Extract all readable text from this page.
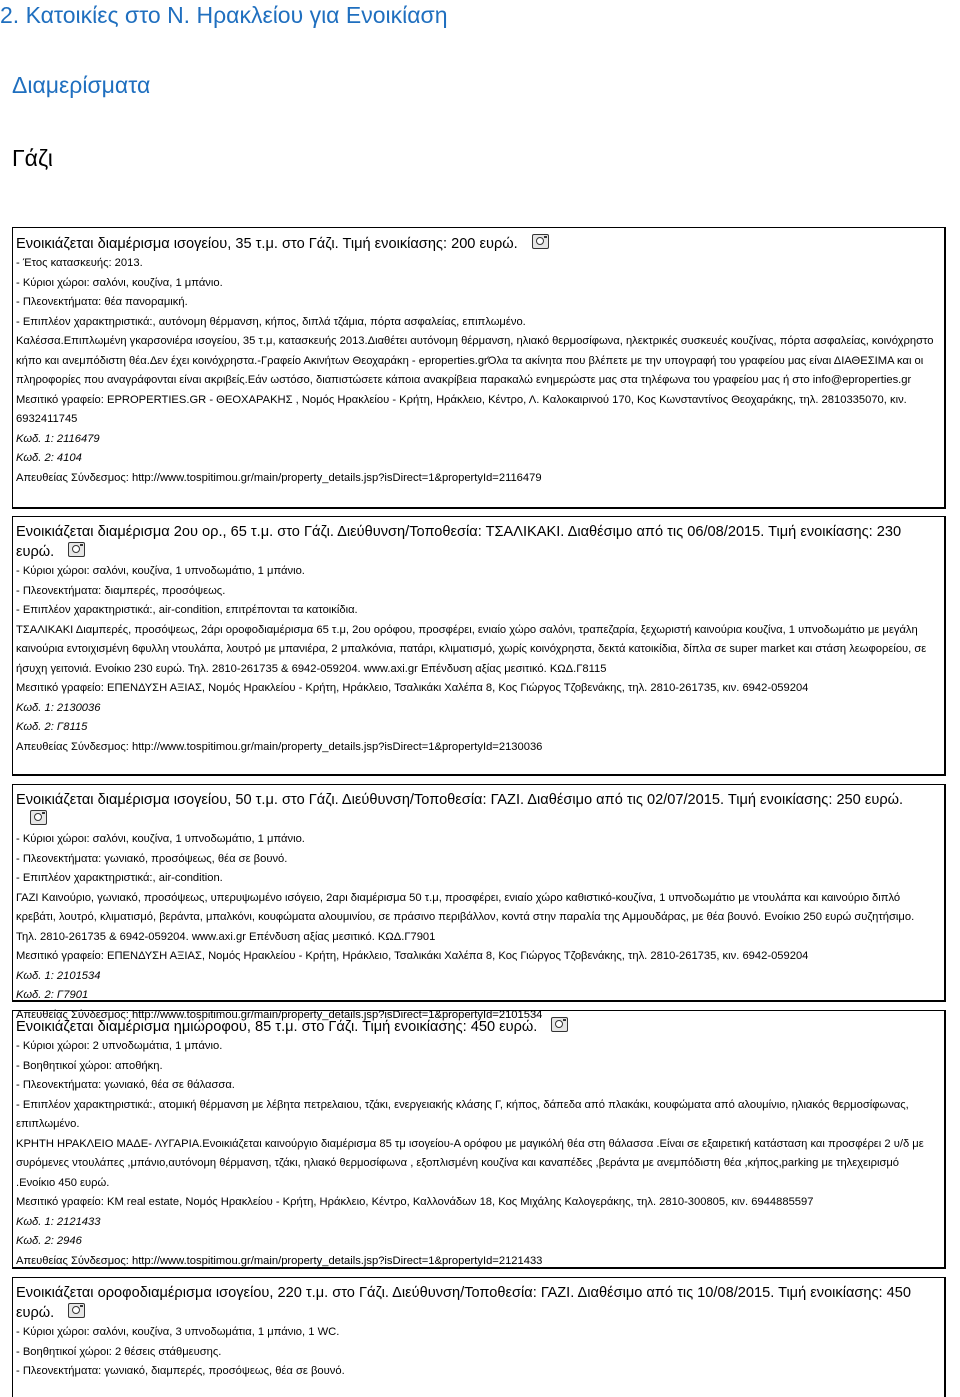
2. Κατοικίες στο Ν. Ηρακλείου για Ενοικίαση
Διαμερίσματα
Γάζι

Ενοικιάζεται διαμέρισμα ισογείου, 35 τ.μ. στο Γάζι. Τιμή ενοικίασης: 200 ευρώ.

- Έτος κατασκευής: 2013.

- Κύριοι χώροι: σαλόνι, κουζίνα, 1 μπάνιο.

- Πλεονεκτήματα: θέα πανοραμική.

- Επιπλέον χαρακτηριστικά:, αυτόνομη θέρμανση, κήπος, διπλά τζάμια, πόρτα ασφαλείας, επιπλωμένο.

Καλέσσα.Επιπλωμένη γκαρσονιέρα ισογείου, 35 τ.μ, κατασκευής 2013.Διαθέτει αυτόνομη θέρμανση, ηλιακό θερμοσίφωνα, ηλεκτρικές συσκευές κουζίνας, πόρτα ασφαλείας, κοινόχρηστο κήπο και ανεμπόδιστη θέα.Δεν έχει κοινόχρηστα.-Γραφείο Ακινήτων Θεοχαράκη - eproperties.grΌλα τα ακίνητα που βλέπετε με την υπογραφή του γραφείου μας είναι ΔΙΑΘΕΣΙΜΑ και οι πληροφορίες που αναγράφονται είναι ακριβείς.Εάν ωστόσο, διαπιστώσετε κάποια ανακρίβεια παρακαλώ ενημερώστε μας στα τηλέφωνα του γραφείου μας ή στο info@eproperties.gr

Μεσιτικό γραφείο: EPROPERTIES.GR - ΘΕΟΧΑΡΑΚΗΣ , Νομός Ηρακλείου - Κρήτη, Ηράκλειο, Κέντρο, Λ. Καλοκαιρινού 170, Κος Κωνσταντίνος Θεοχαράκης, τηλ. 2810335070, κιν. 6932411745

Κωδ. 1: 2116479

Κωδ. 2: 4104

Απευθείας Σύνδεσμος: http://www.tospitimou.gr/main/property_details.jsp?isDirect=1&propertyId=2116479

Ενοικιάζεται διαμέρισμα 2ου ορ., 65 τ.μ. στο Γάζι. Διεύθυνση/Τοποθεσία: ΤΣΑΛΙΚΑΚΙ. Διαθέσιμο από τις 06/08/2015. Τιμή ενοικίασης: 230 ευρώ.

- Κύριοι χώροι: σαλόνι, κουζίνα, 1 υπνοδωμάτιο, 1 μπάνιο.

- Πλεονεκτήματα: διαμπερές, προσόψεως.

- Επιπλέον χαρακτηριστικά:, air-condition, επιτρέπονται τα κατοικίδια.

ΤΣΑΛΙΚΑΚΙ Διαμπερές, προσόψεως, 2άρι οροφοδιαμέρισμα 65 τ.μ, 2ου ορόφου, προσφέρει, ενιαίο χώρο σαλόνι, τραπεζαρία, ξεχωριστή καινούρια κουζίνα, 1 υπνοδωμάτιο με μεγάλη καινούρια εντοιχισμένη 6φυλλη ντουλάπα, λουτρό με μπανιέρα, 2 μπαλκόνια, πατάρι, κλιματισμό, χωρίς κοινόχρηστα, δεκτά κατοικίδια, δίπλα σε super market και στάση λεωφορείου, σε ήσυχη γειτονιά. Ενοίκιο 230 ευρώ. Τηλ. 2810-261735 & 6942-059204. www.axi.gr Επένδυση αξίας μεσιτικό. ΚΩΔ.Γ8115

Μεσιτικό γραφείο: ΕΠΕΝΔΥΣΗ ΑΞΙΑΣ, Νομός Ηρακλείου - Κρήτη, Ηράκλειο, Τσαλικάκι Χαλέπα 8, Κος Γιώργος Τζοβενάκης, τηλ. 2810-261735, κιν. 6942-059204

Κωδ. 1: 2130036

Κωδ. 2: Γ8115

Απευθείας Σύνδεσμος: http://www.tospitimou.gr/main/property_details.jsp?isDirect=1&propertyId=2130036

Ενοικιάζεται διαμέρισμα ισογείου, 50 τ.μ. στο Γάζι. Διεύθυνση/Τοποθεσία: ΓΑΖΙ. Διαθέσιμο από τις 02/07/2015. Τιμή ενοικίασης: 250 ευρώ.

- Κύριοι χώροι: σαλόνι, κουζίνα, 1 υπνοδωμάτιο, 1 μπάνιο.

- Πλεονεκτήματα: γωνιακό, προσόψεως, θέα σε βουνό.

- Επιπλέον χαρακτηριστικά:, air-condition.

ΓΑΖΙ Καινούριο, γωνιακό, προσόψεως, υπερυψωμένο ισόγειο, 2αρι διαμέρισμα 50 τ.μ, προσφέρει, ενιαίο χώρο καθιστικό-κουζίνα, 1 υπνοδωμάτιο με ντουλάπα και καινούριο διπλό κρεβάτι, λουτρό, κλιματισμό, βεράντα, μπαλκόνι, κουφώματα αλουμινίου, σε πράσινο περιβάλλον, κοντά στην παραλία της Αμμουδάρας, με θέα βουνό. Ενοίκιο 250 ευρώ συζητήσιμο. Τηλ. 2810-261735 & 6942-059204. www.axi.gr Επένδυση αξίας μεσιτικό. ΚΩΔ.Γ7901

Μεσιτικό γραφείο: ΕΠΕΝΔΥΣΗ ΑΞΙΑΣ, Νομός Ηρακλείου - Κρήτη, Ηράκλειο, Τσαλικάκι Χαλέπα 8, Κος Γιώργος Τζοβενάκης, τηλ. 2810-261735, κιν. 6942-059204

Κωδ. 1: 2101534

Κωδ. 2: Γ7901

Απευθείας Σύνδεσμος: http://www.tospitimou.gr/main/property_details.jsp?isDirect=1&propertyId=2101534

Ενοικιάζεται διαμέρισμα ημιώροφου, 85 τ.μ. στο Γάζι. Τιμή ενοικίασης: 450 ευρώ.

- Κύριοι χώροι: 2 υπνοδωμάτια, 1 μπάνιο.

- Βοηθητικοί χώροι: αποθήκη.

- Πλεονεκτήματα: γωνιακό, θέα σε θάλασσα.

- Επιπλέον χαρακτηριστικά:, ατομική θέρμανση με λέβητα πετρελαιου, τζάκι, ενεργειακής κλάσης Γ, κήπος, δάπεδα από πλακάκι, κουφώματα από αλουμίνιο, ηλιακός θερμοσίφωνας, επιπλωμένο.

ΚΡΗΤΗ ΗΡΑΚΛΕΙΟ ΜΑΔΕ- ΛΥΓΑΡΙΑ.Ενοικιάζεται καινούργιο διαμέρισμα 85 τμ ισογείου-Α ορόφου με μαγικόλή θέα στη θάλασσα .Είναι σε εξαιρετική κατάσταση και προσφέρει 2 υ/δ με συρόμενες ντουλάπες ,μπάνιο,αυτόνομη θέρμανση, τζάκι, ηλιακό θερμοσίφωνα , εξοπλισμένη κουζίνα και καναπέδες ,βεράντα με ανεμπόδιστη θέα ,κήπος,parking με τηλεχειρισμό .Ενοίκιο 450 ευρώ.

Μεσιτικό γραφείο: KM real estate, Νομός Ηρακλείου - Κρήτη, Ηράκλειο, Κέντρο, Καλλονάδων 18, Κος Μιχάλης Καλογεράκης, τηλ. 2810-300805, κιν. 6944885597

Κωδ. 1: 2121433

Κωδ. 2: 2946

Απευθείας Σύνδεσμος: http://www.tospitimou.gr/main/property_details.jsp?isDirect=1&propertyId=2121433

Ενοικιάζεται οροφοδιαμέρισμα ισογείου, 220 τ.μ. στο Γάζι. Διεύθυνση/Τοποθεσία: ΓΑΖΙ. Διαθέσιμο από τις 10/08/2015. Τιμή ενοικίασης: 450 ευρώ.

- Κύριοι χώροι: σαλόνι, κουζίνα, 3 υπνοδωμάτια, 1 μπάνιο, 1 WC.

- Βοηθητικοί χώροι: 2 θέσεις στάθμευσης.

- Πλεονεκτήματα: γωνιακό, διαμπερές, προσόψεως, θέα σε βουνό.
